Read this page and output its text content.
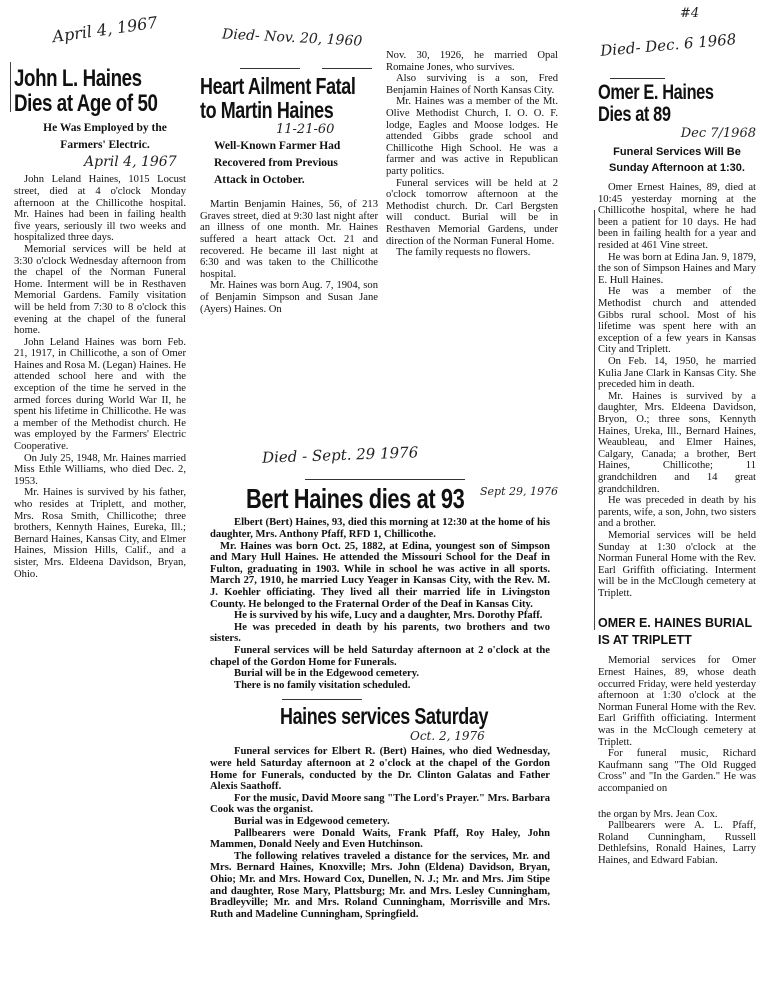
April 4, 1967	Died- Nov. 20, 1960
#4
Died- Dec. 6 1968
Died - Sept. 29 1976
John L. Haines
Dies at Age of 50
He Was Employed by the Farmers' Electric.
April 4, 1967

John Leland Haines, 1015 Locust street, died at 4 o'clock Monday afternoon at the Chillicothe hospital. Mr. Haines had been in failing health five years, seriously ill two weeks and hospitalized three days.

Memorial services will be held at 3:30 o'clock Wednesday afternoon from the chapel of the Norman Funeral Home. Interment will be in Resthaven Memorial Gardens. Family visitation will be held from 7:30 to 8 o'clock this evening at the chapel of the funeral home.

John Leland Haines was born Feb. 21, 1917, in Chillicothe, a son of Omer Haines and Rosa M. (Legan) Haines. He attended school here and with the exception of the time he served in the armed forces during World War II, he spent his lifetime in Chillicothe. He was a member of the Methodist church. He was employed by the Farmers' Electric Cooperative.

On July 25, 1948, Mr. Haines married Miss Ethle Williams, who died Dec. 2, 1953.

Mr. Haines is survived by his father, who resides at Triplett, and mother, Mrs. Rosa Smith, Chillicothe; three brothers, Kennyth Haines, Eureka, Ill.; Bernard Haines, Kansas City, and Elmer Haines, Mission Hills, Calif., and a sister, Mrs. Eldeena Davidson, Bryan, Ohio.

Heart Ailment Fatal
to Martin Haines
11-21-60
Well-Known Farmer Had Recovered from Previous Attack in October.

Martin Benjamin Haines, 56, of 213 Graves street, died at 9:30 last night after an illness of one month. Mr. Haines suffered a heart attack Oct. 21 and recovered. He became ill last night at 6:30 and was taken to the Chillicothe hospital.

Mr. Haines was born Aug. 7, 1904, son of Benjamin Simpson and Susan Jane (Ayers) Haines. On

Nov. 30, 1926, he married Opal Romaine Jones, who survives.

Also surviving is a son, Fred Benjamin Haines of North Kansas City.

Mr. Haines was a member of the Mt. Olive Methodist Church, I. O. O. F. lodge, Eagles and Moose lodges. He attended Gibbs grade school and Chillicothe High School. He was a farmer and was active in Republican party politics.

Funeral services will be held at 2 o'clock tomorrow afternoon at the Methodist church. Dr. Carl Bergsten will conduct. Burial will be in Resthaven Memorial Gardens, under direction of the Norman Funeral Home.

The family requests no flowers.

Omer E. Haines
Dies at 89
Dec 7/1968
Funeral Services Will Be Sunday Afternoon at 1:30.

Omer Ernest Haines, 89, died at 10:45 yesterday morning at the Chillicothe hospital, where he had been a patient for 10 days. He had been in failing health for a year and resided at 461 Vine street.

He was born at Edina Jan. 9, 1879, the son of Simpson Haines and Mary E. Hull Haines.

He was a member of the Methodist church and attended Gibbs rural school. Most of his lifetime was spent here with an exception of a few years in Kansas City and Triplett.

On Feb. 14, 1950, he married Kulia Jane Clark in Kansas City. She preceded him in death.

Mr. Haines is survived by a daughter, Mrs. Eldeena Davidson, Bryon, O.; three sons, Kennyth Haines, Ureka, Ill., Bernard Haines, Weaubleau, and Elmer Haines, Calgary, Canada; a brother, Bert Haines, Chillicothe; 11 grandchildren and 14 great grandchildren.

He was preceded in death by his parents, wife, a son, John, two sisters and a brother.

Memorial services will be held Sunday at 1:30 o'clock at the Norman Funeral Home with the Rev. Earl Griffith officiating. Interment will be in the McClough cemetery at Triplett.

OMER E. HAINES BURIAL
IS AT TRIPLETT

Memorial services for Omer Ernest Haines, 89, whose death occurred Friday, were held yesterday afternoon at 1:30 o'clock at the Norman Funeral Home with the Rev. Earl Griffith officiating. Interment was in the McClough cemetery at Triplett.

For funeral music, Richard Kaufmann sang "The Old Rugged Cross" and "In the Garden." He was accompanied on

the organ by Mrs. Jean Cox.

Pallbearers were A. L. Pfaff, Roland Cunningham, Russell Dethlefsins, Ronald Haines, Larry Haines, and Edward Fabian.

Bert Haines dies at 93 Sept 29, 1976

Elbert (Bert) Haines, 93, died this morning at 12:30 at the home of his daughter, Mrs. Anthony Pfaff, RFD 1, Chillicothe.

Mr. Haines was born Oct. 25, 1882, at Edina, youngest son of Simpson and Mary Hull Haines. He attended the Missouri School for the Deaf in Fulton, graduating in 1903. While in school he was active in all sports. March 27, 1910, he married Lucy Yeager in Kansas City, with the Rev. M. J. Koehler officiating. They lived all their married life in Livingston County. He belonged to the Fraternal Order of the Deaf in Kansas City.

He is survived by his wife, Lucy and a daughter, Mrs. Dorothy Pfaff.

He was preceded in death by his parents, two brothers and two sisters.

Funeral services will be held Saturday afternoon at 2 o'clock at the chapel of the Gordon Home for Funerals.

Burial will be in the Edgewood cemetery.

There is no family visitation scheduled.

Haines services Saturday
Oct. 2, 1976

Funeral services for Elbert R. (Bert) Haines, who died Wednesday, were held Saturday afternoon at 2 o'clock at the chapel of the Gordon Home for Funerals, conducted by the Dr. Clinton Galatas and Father Alexis Saathoff.

For the music, David Moore sang "The Lord's Prayer." Mrs. Barbara Cook was the organist.

Burial was in Edgewood cemetery.

Pallbearers were Donald Waits, Frank Pfaff, Roy Haley, John Mammen, Donald Neely and Even Hutchinson.

The following relatives traveled a distance for the services, Mr. and Mrs. Bernard Haines, Knoxville; Mrs. John (Eldena) Davidson, Bryan, Ohio; Mr. and Mrs. Howard Cox, Dunellen, N. J.; Mr. and Mrs. Jim Stipe and daughter, Rose Mary, Plattsburg; Mr. and Mrs. Lesley Cunningham, Bradleyville; Mr. and Mrs. Roland Cunningham, Morrisville and Mrs. Ruth and Madeline Cunningham, Springfield.
